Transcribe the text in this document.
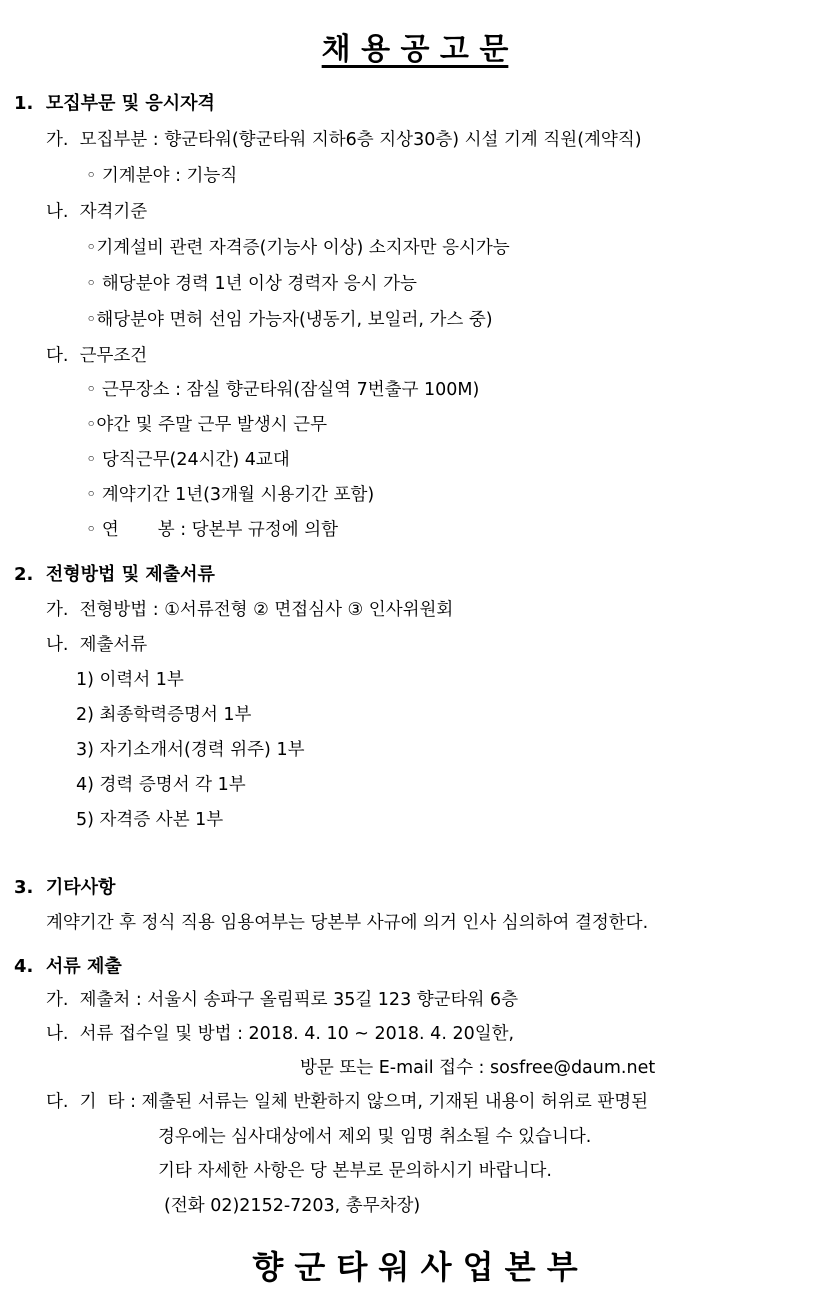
채 용 공 고 문
1.  모집부문 및 응시자격
가.  모집부분 : 향군타워(향군타워 지하6층 지상30층) 시설 기계 직원(계약직)
◦ 기계분야 : 기능직
나.  자격기준
◦기계설비 관련 자격증(기능사 이상) 소지자만 응시가능
◦ 해당분야 경력 1년 이상 경력자 응시 가능
◦해당분야 면허 선임 가능자(냉동기, 보일러, 가스 중)
다.  근무조건
◦ 근무장소 : 잠실 향군타워(잠실역 7번출구 100M)
◦야간 및 주말 근무 발생시 근무
◦ 당직근무(24시간) 4교대
◦ 계약기간 1년(3개월 시용기간 포함)
◦ 연       봉 : 당본부 규정에 의함
2.  전형방법 및 제출서류
가.  전형방법 : ①서류전형 ② 면접심사 ③ 인사위원회
나.  제출서류
1) 이력서 1부
2) 최종학력증명서 1부
3) 자기소개서(경력 위주) 1부
4) 경력 증명서 각 1부
5) 자격증 사본 1부
3.  기타사항
계약기간 후 정식 직용 임용여부는 당본부 사규에 의거 인사 심의하여 결정한다.
4.  서류 제출
가.  제출처 : 서울시 송파구 올림픽로 35길 123 향군타워 6층
나.  서류 접수일 및 방법 : 2018. 4. 10 ~ 2018. 4. 20일한,
방문 또는 E-mail 접수 : sosfree@daum.net
다.  기  타 : 제출된 서류는 일체 반환하지 않으며, 기재된 내용이 허위로 판명된
경우에는 심사대상에서 제외 및 임명 취소될 수 있습니다.
기타 자세한 사항은 당 본부로 문의하시기 바랍니다.
(전화 02)2152-7203, 총무차장)
향 군 타 워 사 업 본 부
